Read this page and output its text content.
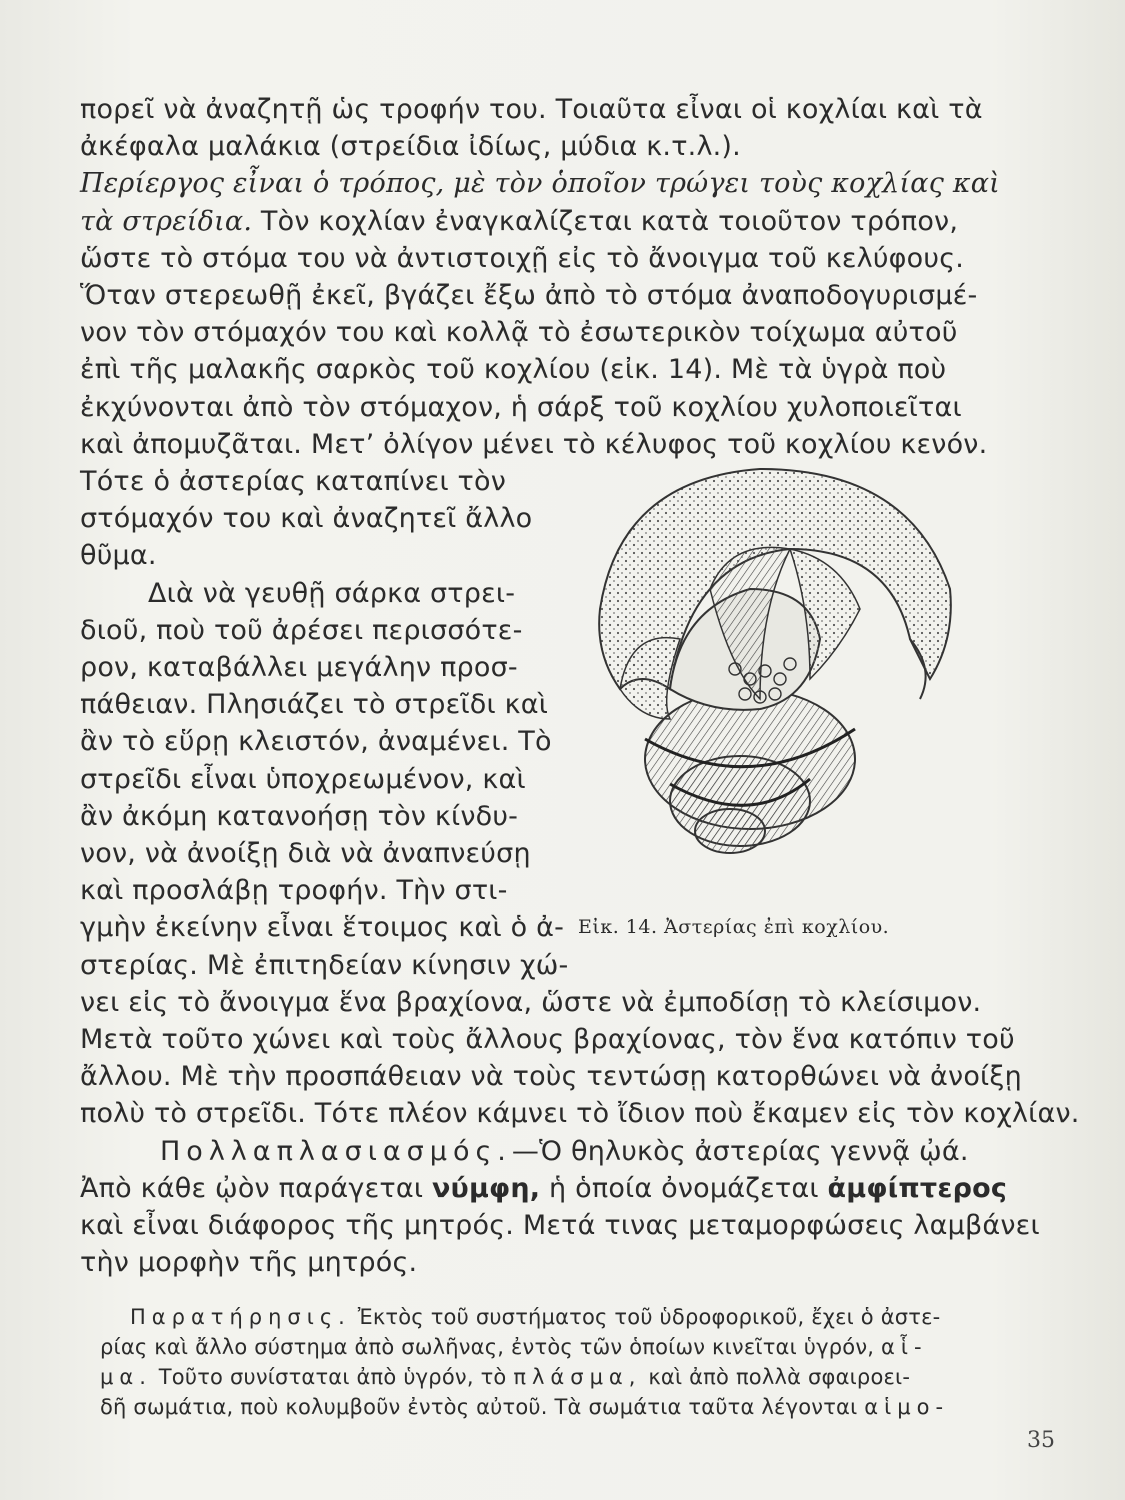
πορεῖ νὰ ἀναζητῇ ὡς τροφήν του. Τοιαῦτα εἶναι οἱ κοχλίαι καὶ τὰ
ἀκέφαλα μαλάκια (στρείδια ἰδίως, μύδια κ.τ.λ.).
Περίεργος εἶναι ὁ τρόπος, μὲ τὸν ὁποῖον τρώγει τοὺς κοχλίας καὶ
τὰ στρείδια. Τὸν κοχλίαν ἐναγκαλίζεται κατὰ τοιοῦτον τρόπον,
ὥστε τὸ στόμα του νὰ ἀντιστοιχῇ εἰς τὸ ἄνοιγμα τοῦ κελύφους.
Ὅταν στερεωθῇ ἐκεῖ, βγάζει ἔξω ἀπὸ τὸ στόμα ἀναποδογυρισμέ-
νον τὸν στόμαχόν του καὶ κολλᾷ τὸ ἐσωτερικὸν τοίχωμα αὐτοῦ
ἐπὶ τῆς μαλακῆς σαρκὸς τοῦ κοχλίου (εἰκ. 14). Μὲ τὰ ὑγρὰ ποὺ
ἐκχύνονται ἀπὸ τὸν στόμαχον, ἡ σάρξ τοῦ κοχλίου χυλοποιεῖται
καὶ ἀπομυζᾶται. Μετ’ ὀλίγον μένει τὸ κέλυφος τοῦ κοχλίου κενόν.
Τότε ὁ ἀστερίας καταπίνει τὸν
στόμαχόν του καὶ ἀναζητεῖ ἄλλο
θῦμα.
Διὰ νὰ γευθῇ σάρκα στρει-
διοῦ, ποὺ τοῦ ἀρέσει περισσότε-
ρον, καταβάλλει μεγάλην προσ-
πάθειαν. Πλησιάζει τὸ στρεῖδι καὶ
ἂν τὸ εὕρῃ κλειστόν, ἀναμένει. Τὸ
στρεῖδι εἶναι ὑποχρεωμένον, καὶ
ἂν ἀκόμη κατανοήσῃ τὸν κίνδυ-
νον, νὰ ἀνοίξῃ διὰ νὰ ἀναπνεύσῃ
καὶ προσλάβῃ τροφήν. Τὴν στι-
γμὴν ἐκείνην εἶναι ἕτοιμος καὶ ὁ ἀ-
στερίας. Μὲ ἐπιτηδείαν κίνησιν χώ-
νει εἰς τὸ ἄνοιγμα ἕνα βραχίονα, ὥστε νὰ ἐμποδίσῃ τὸ κλείσιμον.
Μετὰ τοῦτο χώνει καὶ τοὺς ἄλλους βραχίονας, τὸν ἕνα κατόπιν τοῦ
ἄλλου. Μὲ τὴν προσπάθειαν νὰ τοὺς τεντώσῃ κατορθώνει νὰ ἀνοίξῃ
πολὺ τὸ στρεῖδι. Τότε πλέον κάμνει τὸ ἴδιον ποὺ ἔκαμεν εἰς τὸν κοχλίαν.
Πολλαπλασιασμός.—Ὁ θηλυκὸς ἀστερίας γεννᾷ ᾠά.
Ἀπὸ κάθε ᾠὸν παράγεται νύμφη, ἡ ὁποία ὀνομάζεται ἀμφίπτερος
καὶ εἶναι διάφορος τῆς μητρός. Μετά τινας μεταμορφώσεις λαμβάνει
τὴν μορφὴν τῆς μητρός.
Εἰκ. 14. Ἀστερίας ἐπὶ κοχλίου.
35
Παρατήρησις. Ἐκτὸς τοῦ συστήματος τοῦ ὑδροφορικοῦ, ἔχει ὁ ἀστε-
ρίας καὶ ἄλλο σύστημα ἀπὸ σωλῆνας, ἐντὸς τῶν ὁποίων κινεῖται ὑγρόν, αἷ-
μα. Τοῦτο συνίσταται ἀπὸ ὑγρόν, τὸ πλάσμα, καὶ ἀπὸ πολλὰ σφαιροει-
δῆ σωμάτια, ποὺ κολυμβοῦν ἐντὸς αὐτοῦ. Τὰ σωμάτια ταῦτα λέγονται αἱμο-
